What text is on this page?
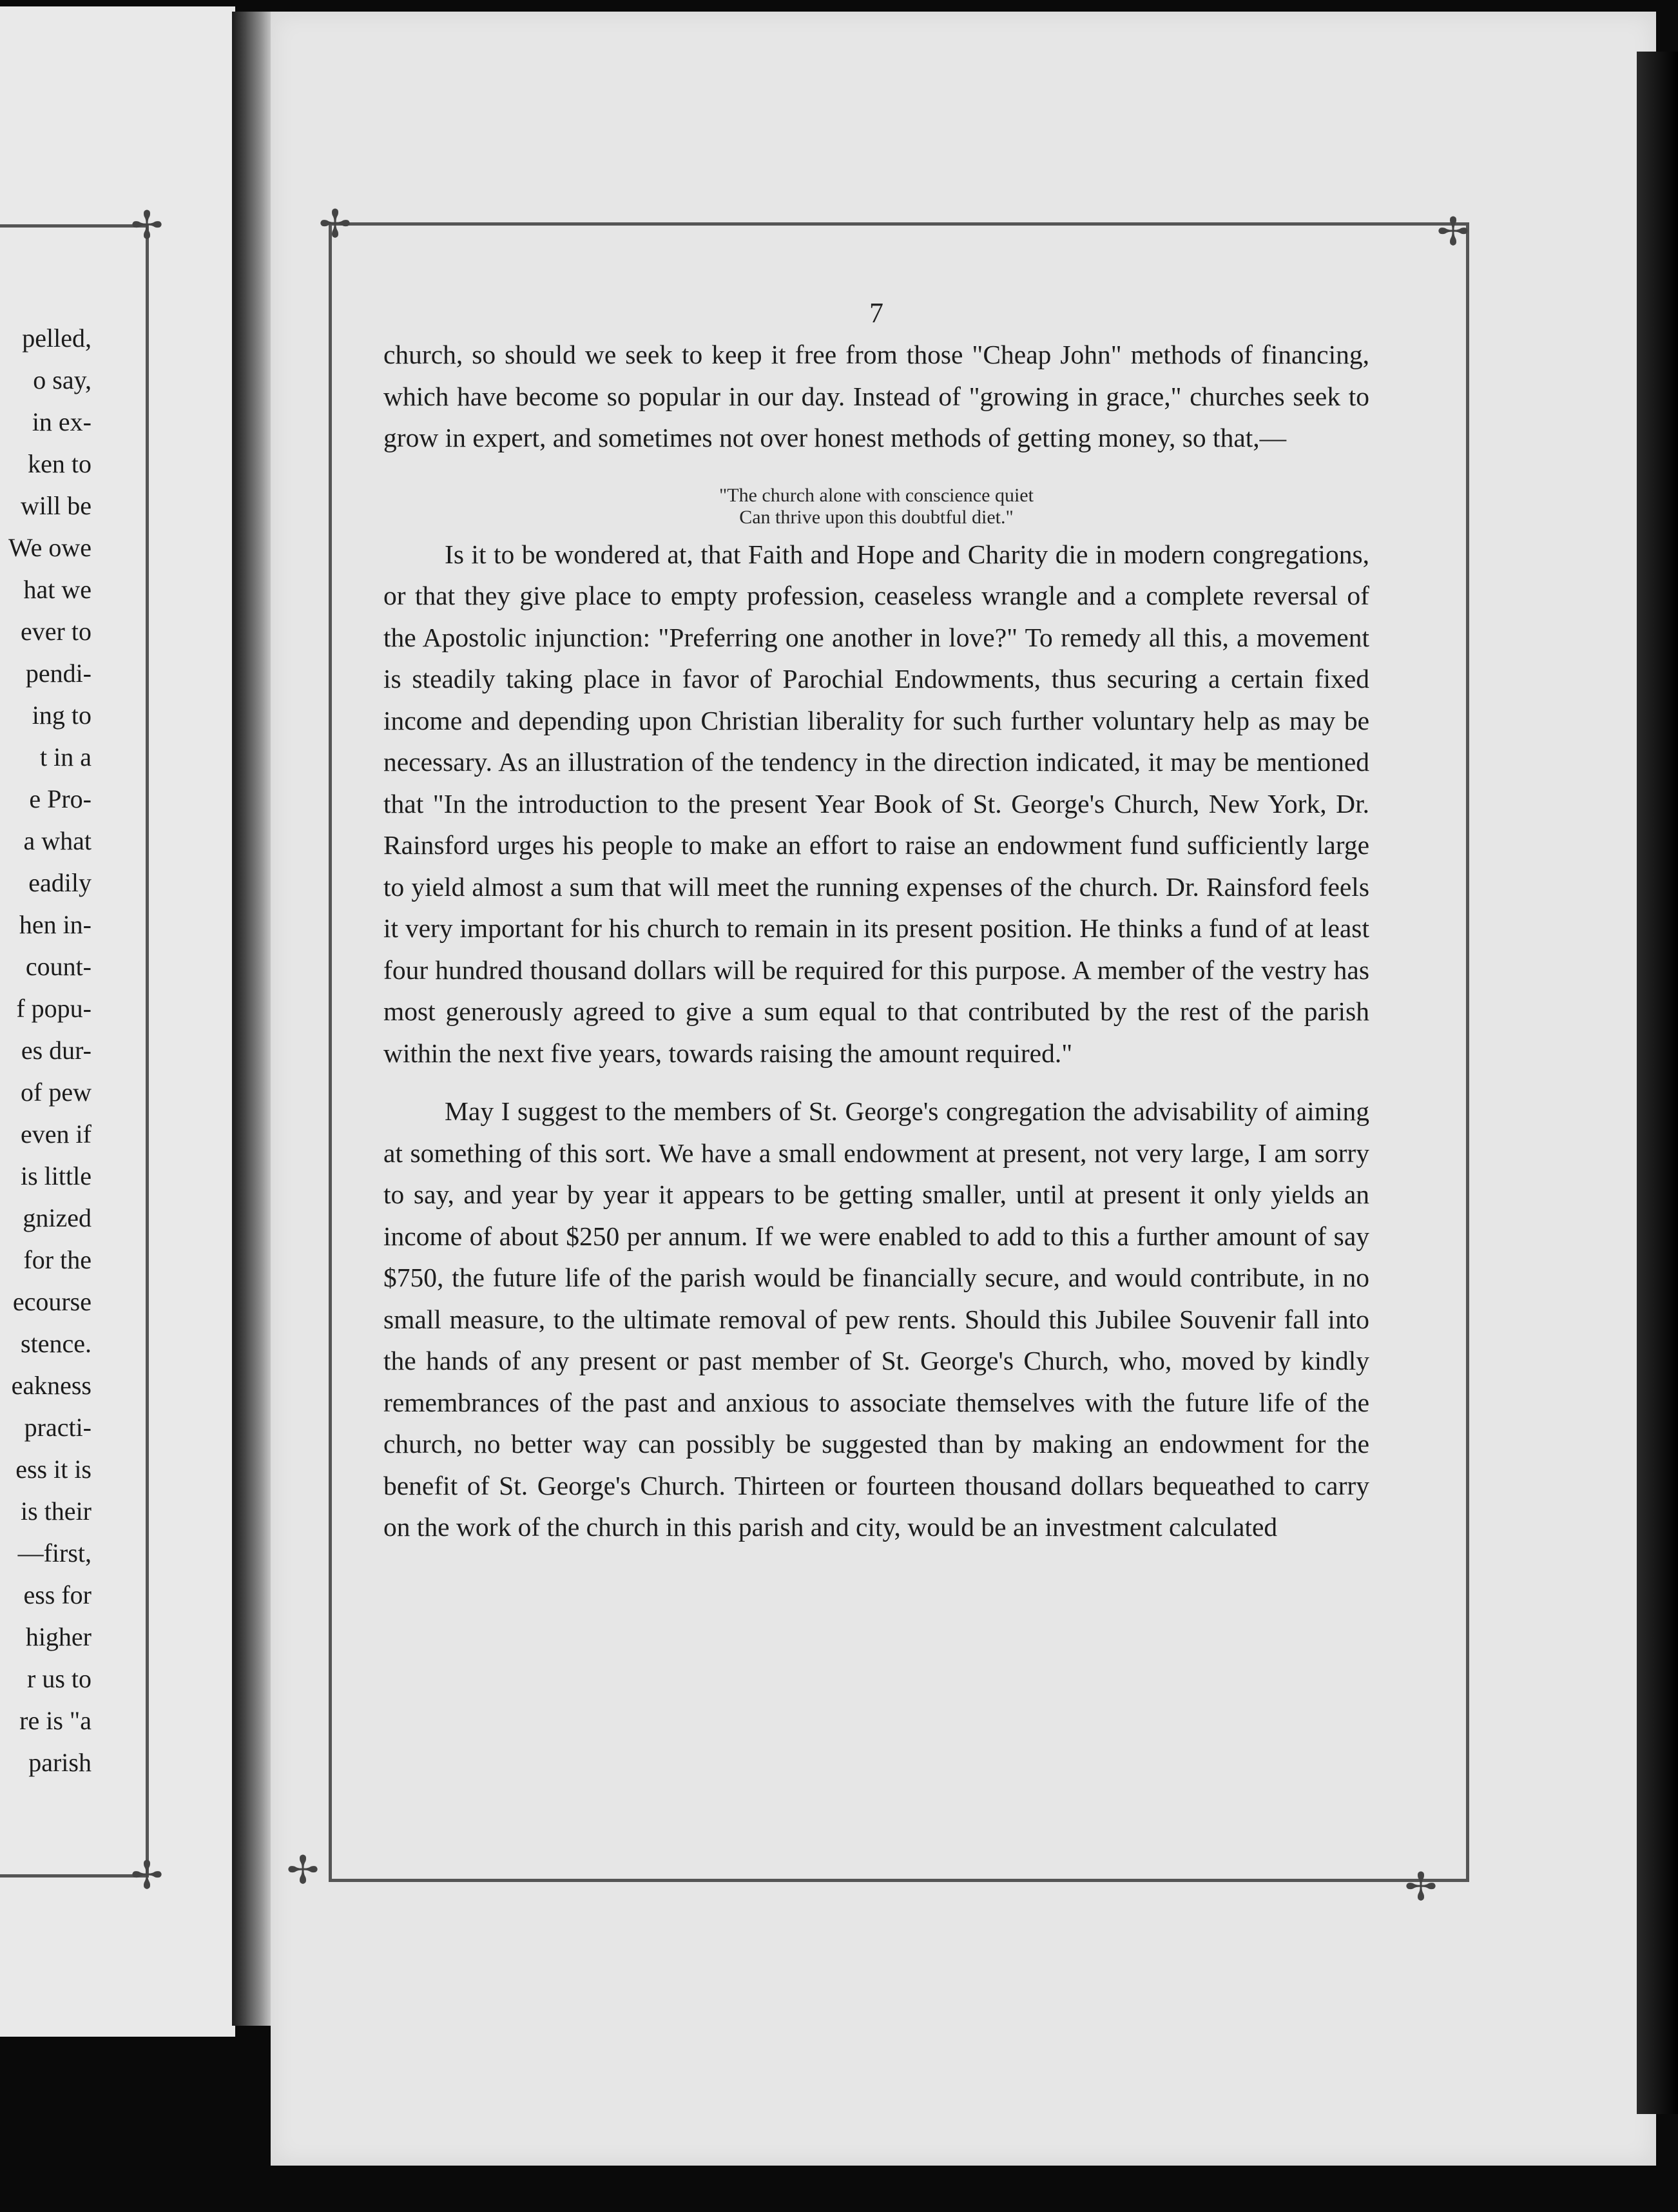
✢
✢
pelled,
o say,
in ex-
ken to
will be
We owe
hat we
ever to
pendi-
ing to
t in a
e Pro-
a what
eadily
hen in-
count-
f popu-
es dur-
of pew
even if
is little
gnized
for the
ecourse
stence.
eakness
practi-
ess it is
is their
—first,
ess for
higher
r us to
re is "a
parish
✢	✢
✢	✢
7

church, so should we seek to keep it free from those "Cheap John" methods of financing, which have become so popular in our day. Instead of "growing in grace," churches seek to grow in expert, and sometimes not over honest methods of getting money, so that,—

"The church alone with conscience quiet
Can thrive upon this doubtful diet."

Is it to be wondered at, that Faith and Hope and Charity die in modern congregations, or that they give place to empty profession, ceaseless wrangle and a complete reversal of the Apostolic injunction: "Preferring one another in love?" To remedy all this, a movement is steadily taking place in favor of Parochial Endowments, thus securing a certain fixed income and depending upon Christian liberality for such further voluntary help as may be necessary. As an illustration of the tendency in the direction indicated, it may be mentioned that "In the introduction to the present Year Book of St. George's Church, New York, Dr. Rainsford urges his people to make an effort to raise an endowment fund sufficiently large to yield almost a sum that will meet the running expenses of the church. Dr. Rainsford feels it very important for his church to remain in its present position. He thinks a fund of at least four hundred thousand dollars will be required for this purpose. A member of the vestry has most generously agreed to give a sum equal to that contributed by the rest of the parish within the next five years, towards raising the amount required."

May I suggest to the members of St. George's congregation the advisability of aiming at something of this sort. We have a small endowment at present, not very large, I am sorry to say, and year by year it appears to be getting smaller, until at present it only yields an income of about $250 per annum. If we were enabled to add to this a further amount of say $750, the future life of the parish would be financially secure, and would contribute, in no small measure, to the ultimate removal of pew rents. Should this Jubilee Souvenir fall into the hands of any present or past member of St. George's Church, who, moved by kindly remembrances of the past and anxious to associate themselves with the future life of the church, no better way can possibly be suggested than by making an endowment for the benefit of St. George's Church. Thirteen or fourteen thousand dollars bequeathed to carry on the work of the church in this parish and city, would be an investment calculated
